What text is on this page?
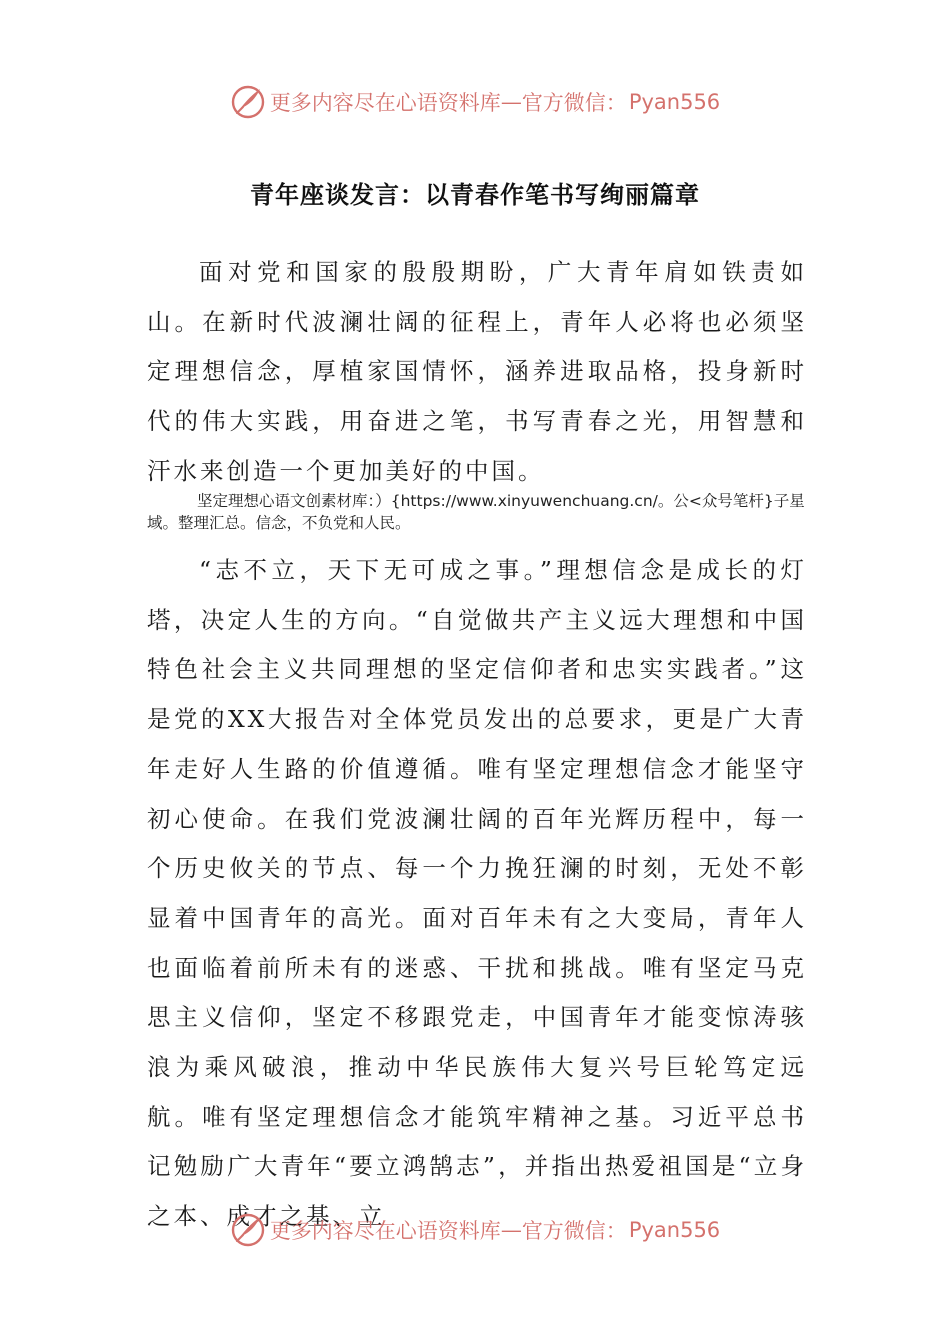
更多内容尽在心语资料库 — 官方微信： Pyan556
青年座谈发言：以青春作笔书写绚丽篇章

面对党和国家的殷殷期盼，广大青年肩如铁责如山。在新时代波澜壮阔的征程上，青年人必将也必须坚定理想信念，厚植家国情怀，涵养进取品格，投身新时代的伟大实践，用奋进之笔，书写青春之光，用智慧和汗水来创造一个更加美好的中国。

坚定理想心语文创素材库：）{https://www.xinyuwenchuang.cn/。公<众号笔杆}子星域。整理汇总。信念，不负党和人民。

“志不立，天下无可成之事。”理想信念是成长的灯塔，决定人生的方向。“自觉做共产主义远大理想和中国特色社会主义共同理想的坚定信仰者和忠实实践者。”这是党的XX大报告对全体党员发出的总要求，更是广大青年走好人生路的价值遵循。唯有坚定理想信念才能坚守初心使命。在我们党波澜壮阔的百年光辉历程中，每一个历史攸关的节点、每一个力挽狂澜的时刻，无处不彰显着中国青年的高光。面对百年未有之大变局，青年人也面临着前所未有的迷惑、干扰和挑战。唯有坚定马克思主义信仰，坚定不移跟党走，中国青年才能变惊涛骇浪为乘风破浪，推动中华民族伟大复兴号巨轮笃定远航。唯有坚定理想信念才能筑牢精神之基。习近平总书记勉励广大青年“要立鸿鹄志”，并指出热爱祖国是“立身之本、成才之基、立

更多内容尽在心语资料库 — 官方微信： Pyan556
